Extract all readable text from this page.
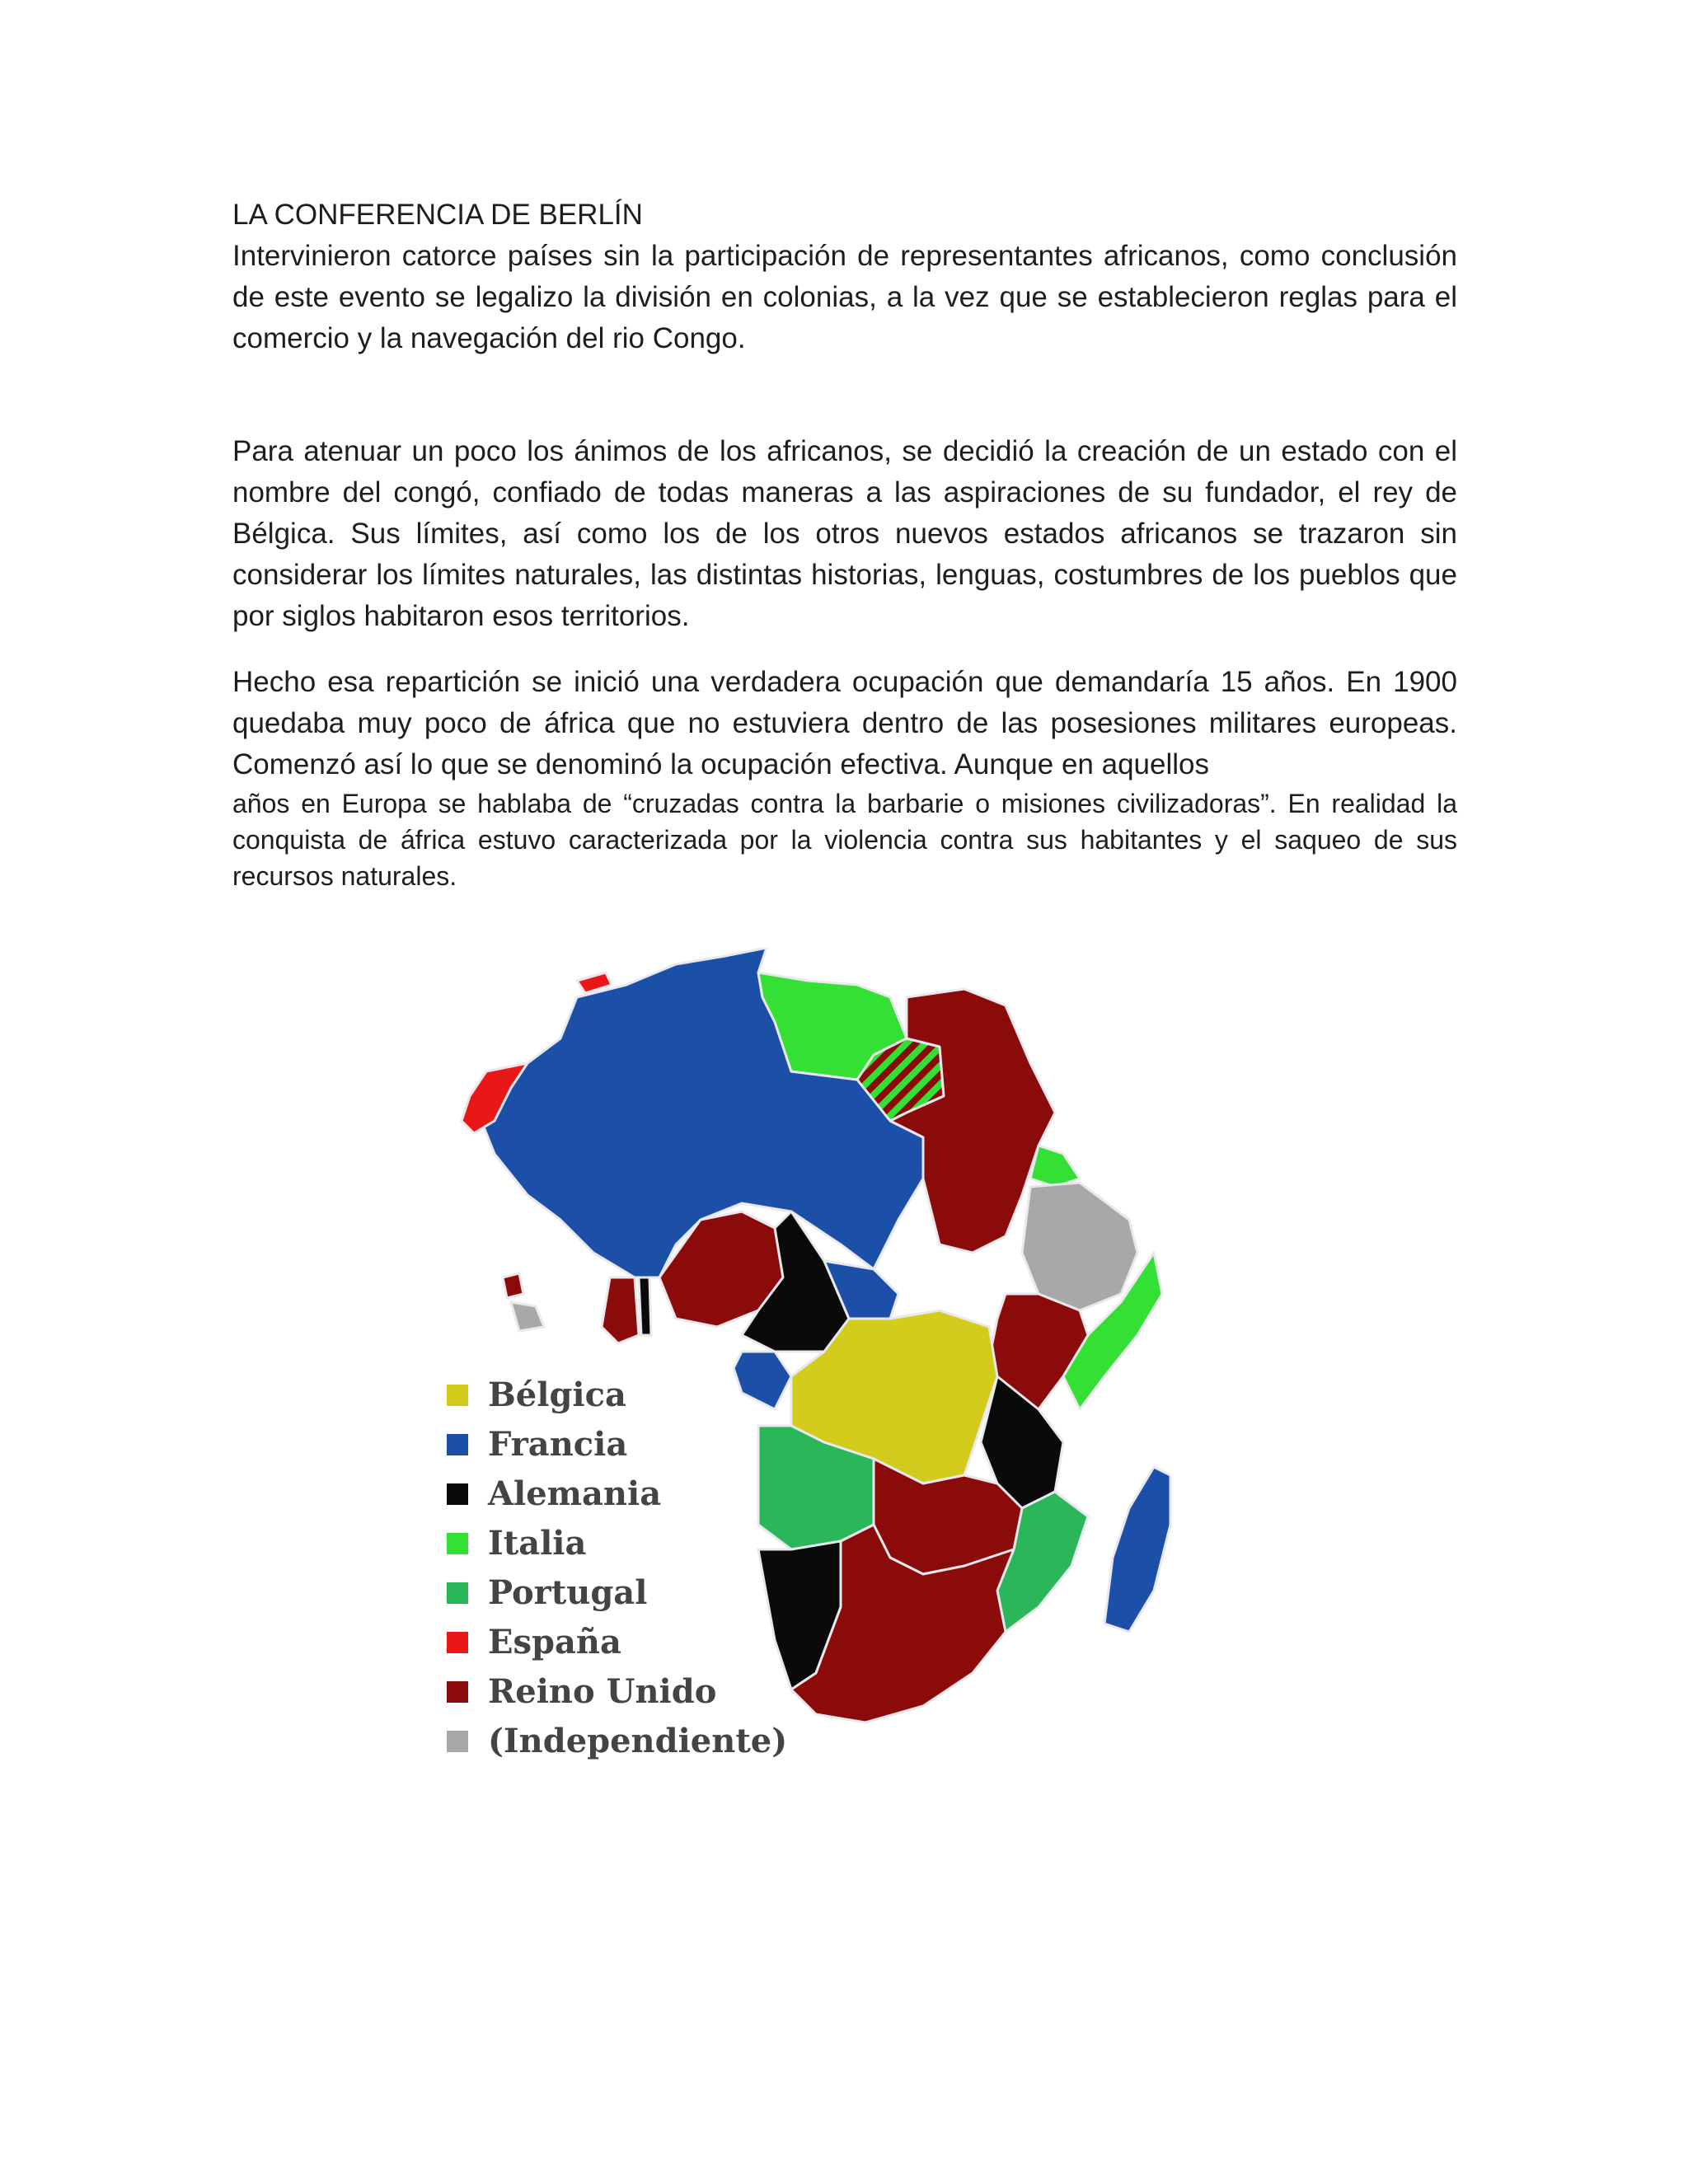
LA CONFERENCIA DE BERLÍN

Intervinieron catorce países sin la participación de representantes africanos, como conclusión de este evento se legalizo la división en colonias, a la vez que se establecieron reglas para el comercio y la navegación del rio Congo.

Para atenuar un poco los ánimos de los africanos, se decidió la creación de un estado con el nombre del congó, confiado de todas maneras a las aspiraciones de su fundador, el rey de Bélgica. Sus límites, así como los de los otros nuevos estados africanos se trazaron sin considerar los límites naturales, las distintas historias, lenguas, costumbres de los pueblos que por siglos habitaron esos territorios.

Hecho esa repartición se inició una verdadera ocupación que demandaría 15 años. En 1900 quedaba muy poco de áfrica que no estuviera dentro de las posesiones militares europeas. Comenzó así lo que se denominó la ocupación efectiva. Aunque en aquellos

años en Europa se hablaba de “cruzadas contra la barbarie o misiones civilizadoras”. En realidad la conquista de áfrica estuvo caracterizada por la violencia contra sus habitantes y el saqueo de sus recursos naturales.

Bélgica
Francia
Alemania
Italia
Portugal
España
Reino Unido
(Independiente)
